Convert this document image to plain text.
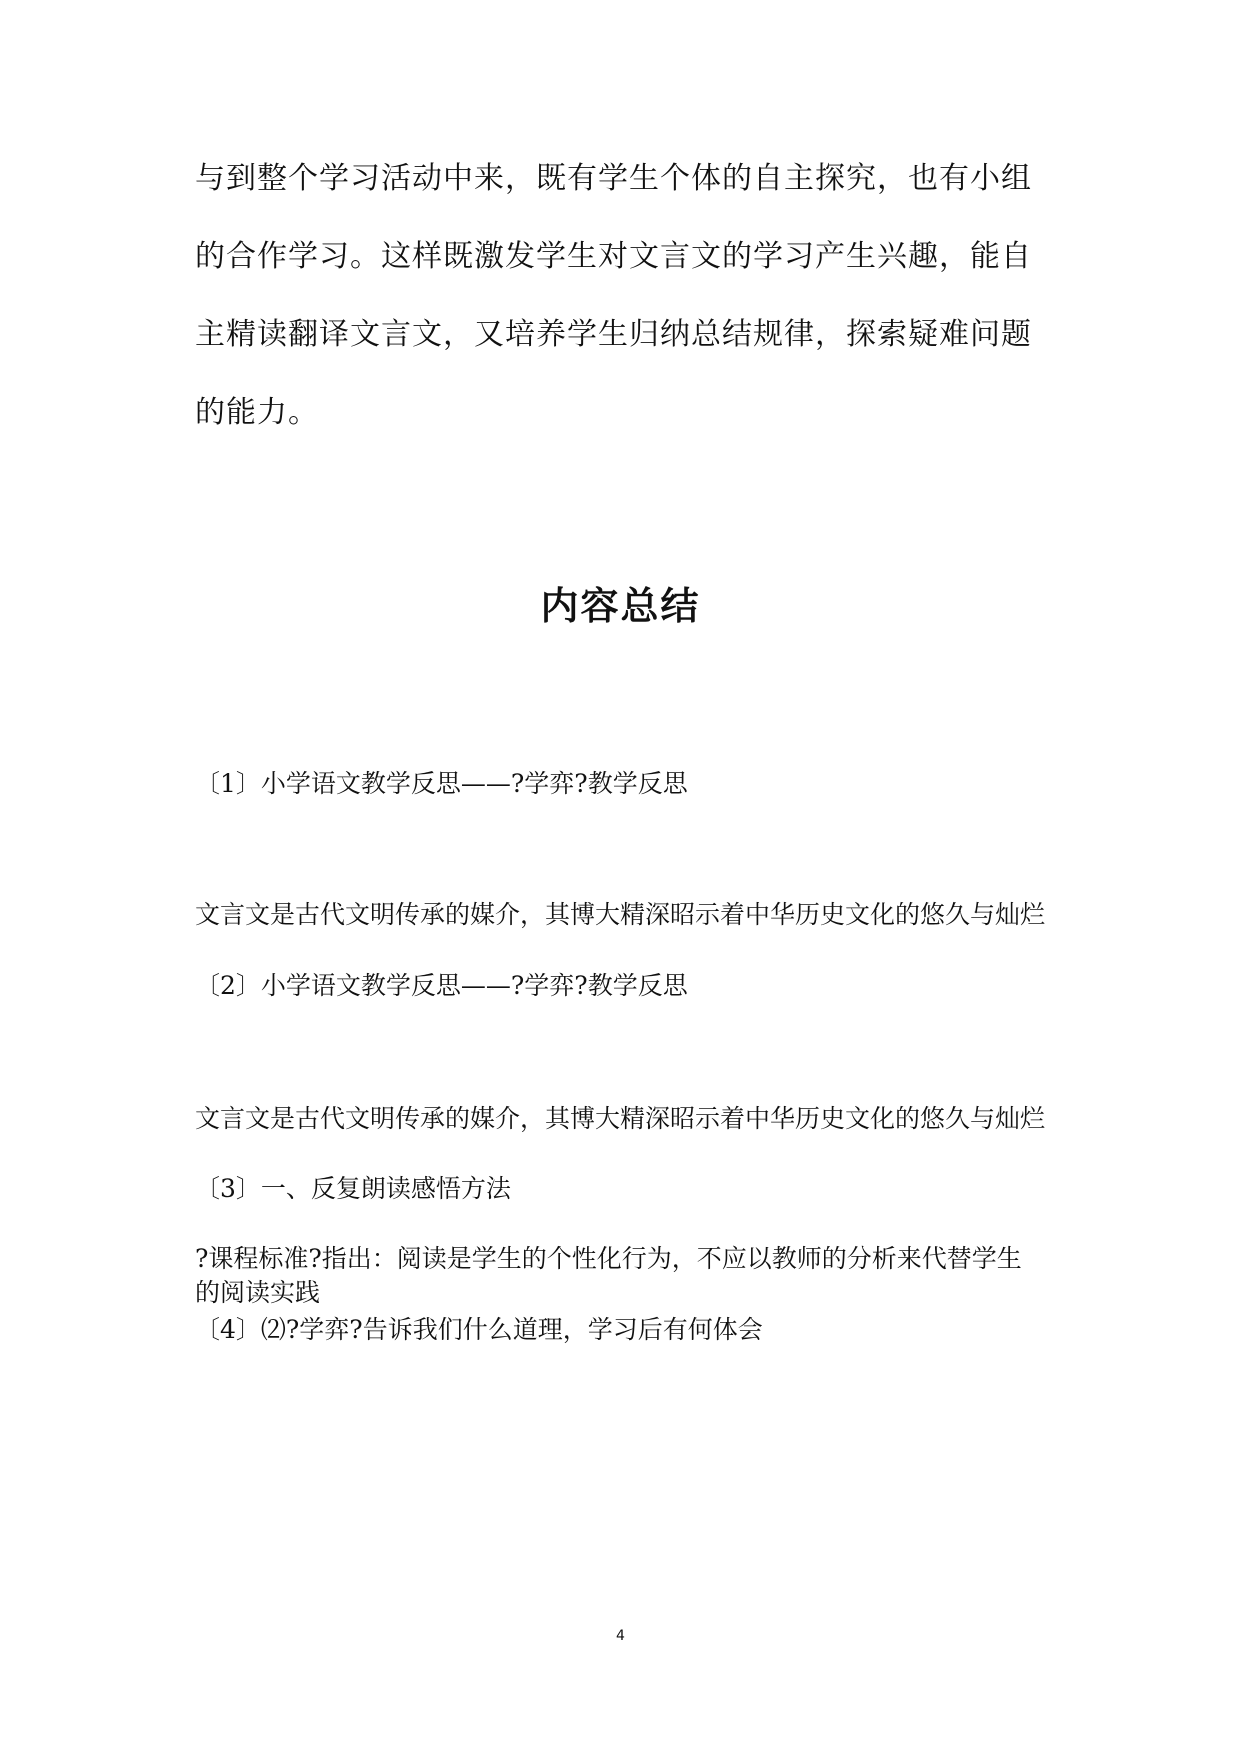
与到整个学习活动中来，既有学生个体的自主探究，也有小组的合作学习。这样既激发学生对文言文的学习产生兴趣，能自主精读翻译文言文，又培养学生归纳总结规律，探索疑难问题的能力。

内容总结

〔1〕小学语文教学反思——?学弈?教学反思

文言文是古代文明传承的媒介，其博大精深昭示着中华历史文化的悠久与灿烂

〔2〕小学语文教学反思——?学弈?教学反思

文言文是古代文明传承的媒介，其博大精深昭示着中华历史文化的悠久与灿烂

〔3〕一、反复朗读感悟方法

?课程标准?指出：阅读是学生的个性化行为，不应以教师的分析来代替学生的阅读实践

〔4〕⑵?学弈?告诉我们什么道理，学习后有何体会

4
